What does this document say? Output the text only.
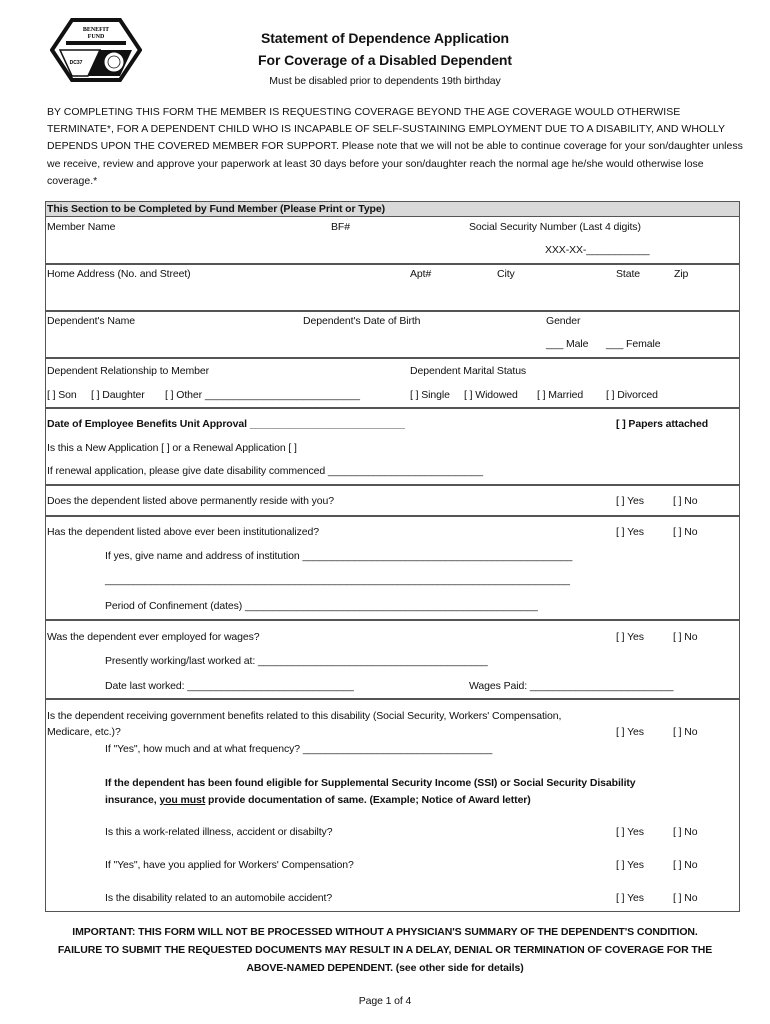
BENEFIT
FUND
DC37
Statement of Dependence Application
For Coverage of a Disabled Dependent
Must be disabled prior to dependents 19th birthday
BY COMPLETING THIS FORM THE MEMBER IS REQUESTING COVERAGE BEYOND THE AGE COVERAGE WOULD OTHERWISE TERMINATE*, FOR A DEPENDENT CHILD WHO IS INCAPABLE OF SELF-SUSTAINING EMPLOYMENT DUE TO A DISABILITY, AND WHOLLY DEPENDS UPON THE COVERED MEMBER FOR SUPPORT. Please note that we will not be able to continue coverage for your son/daughter unless we receive, review and approve your paperwork at least 30 days before your son/daughter reach the normal age he/she would otherwise lose coverage.*
This Section to be Completed by Fund Member (Please Print or Type)
Member Name	BF#	Social Security Number (Last 4 digits)
XXX-XX-___________
Home Address (No. and Street)	Apt#	City	State	Zip
Dependent's Name	Dependent's Date of Birth	Gender
___ Male ___ Female
Dependent Relationship to Member	Dependent Marital Status
[ ] Son [ ] Daughter [ ] Other ___________________________	[ ] Single [ ] Widowed [ ] Married [ ] Divorced
Date of Employee Benefits Unit Approval ___________________________	[ ] Papers attached
Is this a New Application [ ] or a Renewal Application [ ]
If renewal application, please give date disability commenced ___________________________
Does the dependent listed above permanently reside with you?	[ ] Yes	[ ] No
Has the dependent listed above ever been institutionalized?	[ ] Yes	[ ] No
If yes, give name and address of institution _______________________________________________
_________________________________________________________________________________
Period of Confinement (dates) ___________________________________________________
Was the dependent ever employed for wages?	[ ] Yes	[ ] No
Presently working/last worked at: ________________________________________
Date last worked: _____________________________	Wages Paid: _________________________
Is the dependent receiving government benefits related to this disability (Social Security, Workers' Compensation,
Medicare, etc.)?	[ ] Yes	[ ] No
If "Yes", how much and at what frequency? _________________________________
If the dependent has been found eligible for Supplemental Security Income (SSI) or Social Security Disability
insurance, you must provide documentation of same. (Example; Notice of Award letter)
Is this a work-related illness, accident or disabilty?	[ ] Yes	[ ] No
If "Yes", have you applied for Workers' Compensation?	[ ] Yes	[ ] No
Is the disability related to an automobile accident?	[ ] Yes	[ ] No
IMPORTANT: THIS FORM WILL NOT BE PROCESSED WITHOUT A PHYSICIAN'S SUMMARY OF THE DEPENDENT'S CONDITION.
FAILURE TO SUBMIT THE REQUESTED DOCUMENTS MAY RESULT IN A DELAY, DENIAL OR TERMINATION OF COVERAGE FOR THE
ABOVE-NAMED DEPENDENT. (see other side for details)
Page 1 of 4
